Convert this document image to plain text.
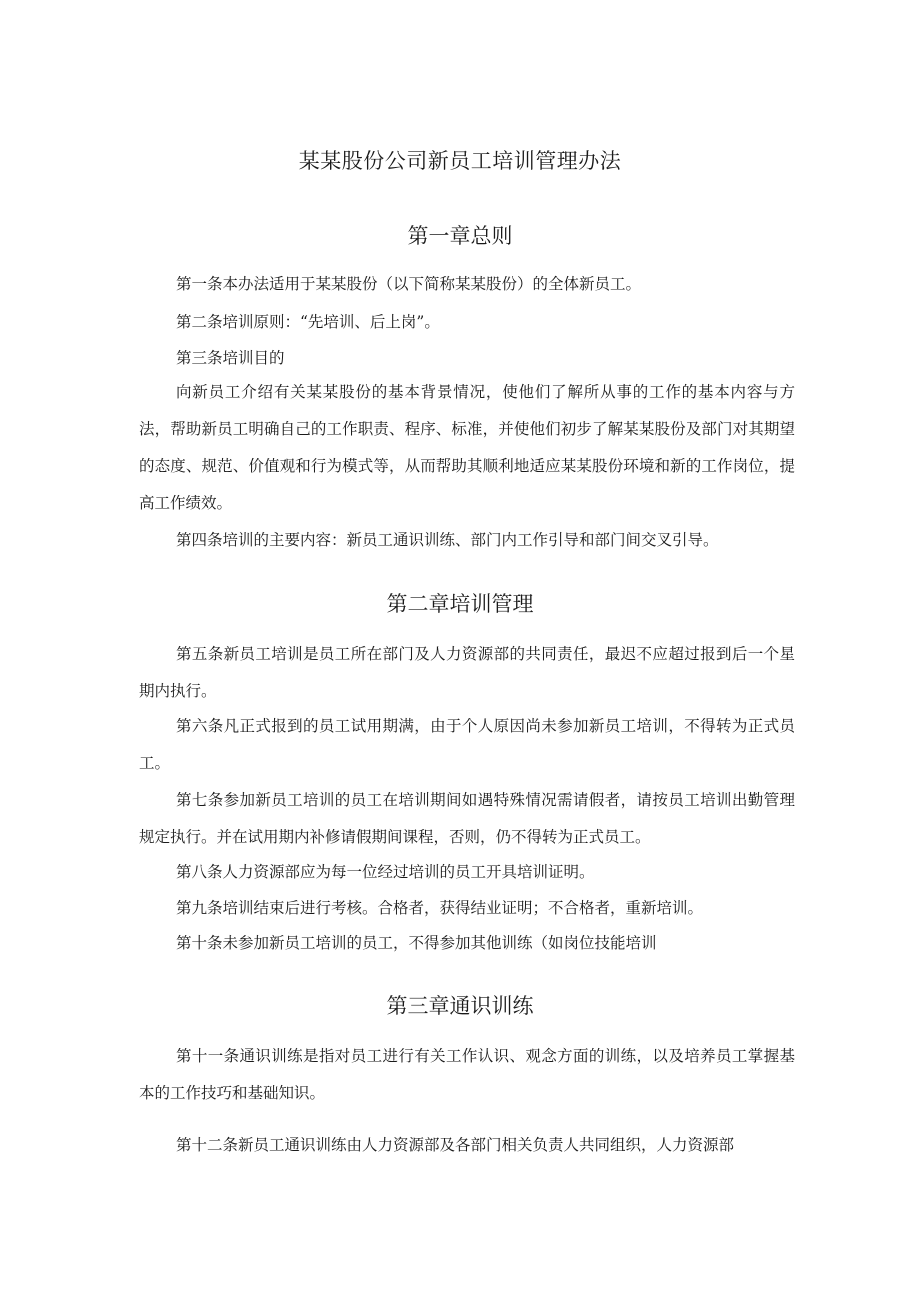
某某股份公司新员工培训管理办法
第一章总则

第一条本办法适用于某某股份（以下简称某某股份）的全体新员工。

第二条培训原则：“先培训、后上岗”。

第三条培训目的

向新员工介绍有关某某股份的基本背景情况，使他们了解所从事的工作的基本内容与方法，帮助新员工明确自己的工作职责、程序、标准，并使他们初步了解某某股份及部门对其期望的态度、规范、价值观和行为模式等，从而帮助其顺利地适应某某股份环境和新的工作岗位，提高工作绩效。

第四条培训的主要内容：新员工通识训练、部门内工作引导和部门间交叉引导。

第二章培训管理

第五条新员工培训是员工所在部门及人力资源部的共同责任，最迟不应超过报到后一个星期内执行。

第六条凡正式报到的员工试用期满，由于个人原因尚未参加新员工培训，不得转为正式员工。

第七条参加新员工培训的员工在培训期间如遇特殊情况需请假者，请按员工培训出勤管理规定执行。并在试用期内补修请假期间课程，否则，仍不得转为正式员工。

第八条人力资源部应为每一位经过培训的员工开具培训证明。

第九条培训结束后进行考核。合格者，获得结业证明；不合格者，重新培训。

第十条未参加新员工培训的员工，不得参加其他训练（如岗位技能培训

第三章通识训练

第十一条通识训练是指对员工进行有关工作认识、观念方面的训练，以及培养员工掌握基本的工作技巧和基础知识。

第十二条新员工通识训练由人力资源部及各部门相关负责人共同组织，人力资源部
